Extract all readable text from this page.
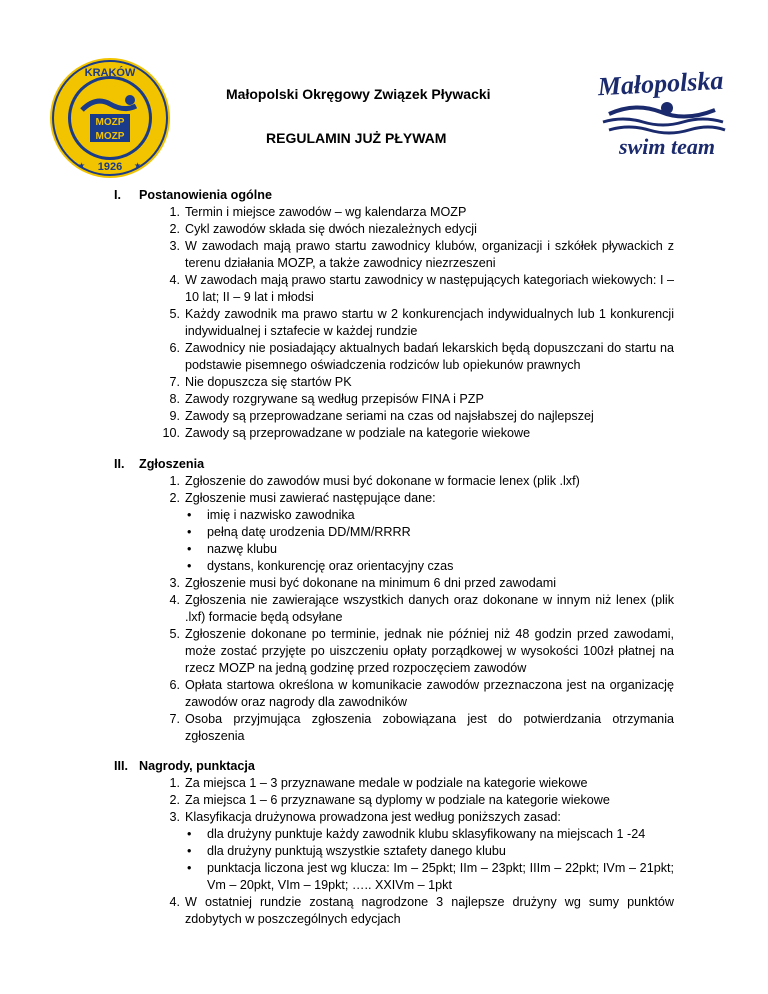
MOZP
MOZP
KRAKÓW
1926
★	★
Małopolska
swim team
Małopolski Okręgowy Związek Pływacki
REGULAMIN JUŻ PŁYWAM
I. Postanowienia ogólne
1. Termin i miejsce zawodów – wg kalendarza MOZP
2. Cykl zawodów składa się dwóch niezależnych edycji
3. W zawodach mają prawo startu zawodnicy klubów, organizacji i szkółek pływackich z terenu działania MOZP, a także zawodnicy niezrzeszeni
4. W zawodach mają prawo startu zawodnicy w następujących kategoriach wiekowych: I – 10 lat; II – 9 lat i młodsi
5. Każdy zawodnik ma prawo startu w 2 konkurencjach indywidualnych lub 1 konkurencji indywidualnej i sztafecie w każdej rundzie
6. Zawodnicy nie posiadający aktualnych badań lekarskich będą dopuszczani do startu na podstawie pisemnego oświadczenia rodziców lub opiekunów prawnych
7. Nie dopuszcza się startów PK
8. Zawody rozgrywane są według przepisów FINA i PZP
9. Zawody są przeprowadzane seriami na czas od najsłabszej do najlepszej
10. Zawody są przeprowadzane w podziale na kategorie wiekowe
II. Zgłoszenia
1. Zgłoszenie do zawodów musi być dokonane w formacie lenex (plik .lxf)
2. Zgłoszenie musi zawierać następujące dane:
• imię i nazwisko zawodnika
• pełną datę urodzenia DD/MM/RRRR
• nazwę klubu
• dystans, konkurencję oraz orientacyjny czas
3. Zgłoszenie musi być dokonane na minimum 6 dni przed zawodami
4. Zgłoszenia nie zawierające wszystkich danych oraz dokonane w innym niż lenex (plik .lxf) formacie będą odsyłane
5. Zgłoszenie dokonane po terminie, jednak nie później niż 48 godzin przed zawodami, może zostać przyjęte po uiszczeniu opłaty porządkowej w wysokości 100zł płatnej na rzecz MOZP na jedną godzinę przed rozpoczęciem zawodów
6. Opłata startowa określona w komunikacie zawodów przeznaczona jest na organizację zawodów oraz nagrody dla zawodników
7. Osoba przyjmująca zgłoszenia zobowiązana jest do potwierdzania otrzymania zgłoszenia
III. Nagrody, punktacja
1. Za miejsca 1 – 3 przyznawane medale w podziale na kategorie wiekowe
2. Za miejsca 1 – 6 przyznawane są dyplomy w podziale na kategorie wiekowe
3. Klasyfikacja drużynowa prowadzona jest według poniższych zasad:
• dla drużyny punktuje każdy zawodnik klubu sklasyfikowany na miejscach 1 -24
• dla drużyny punktują wszystkie sztafety danego klubu
• punktacja liczona jest wg klucza: Im – 25pkt; IIm – 23pkt; IIIm – 22pkt; IVm – 21pkt; Vm – 20pkt, VIm – 19pkt; ….. XXIVm – 1pkt
4. W ostatniej rundzie zostaną nagrodzone 3 najlepsze drużyny wg sumy punktów zdobytych w poszczególnych edycjach
